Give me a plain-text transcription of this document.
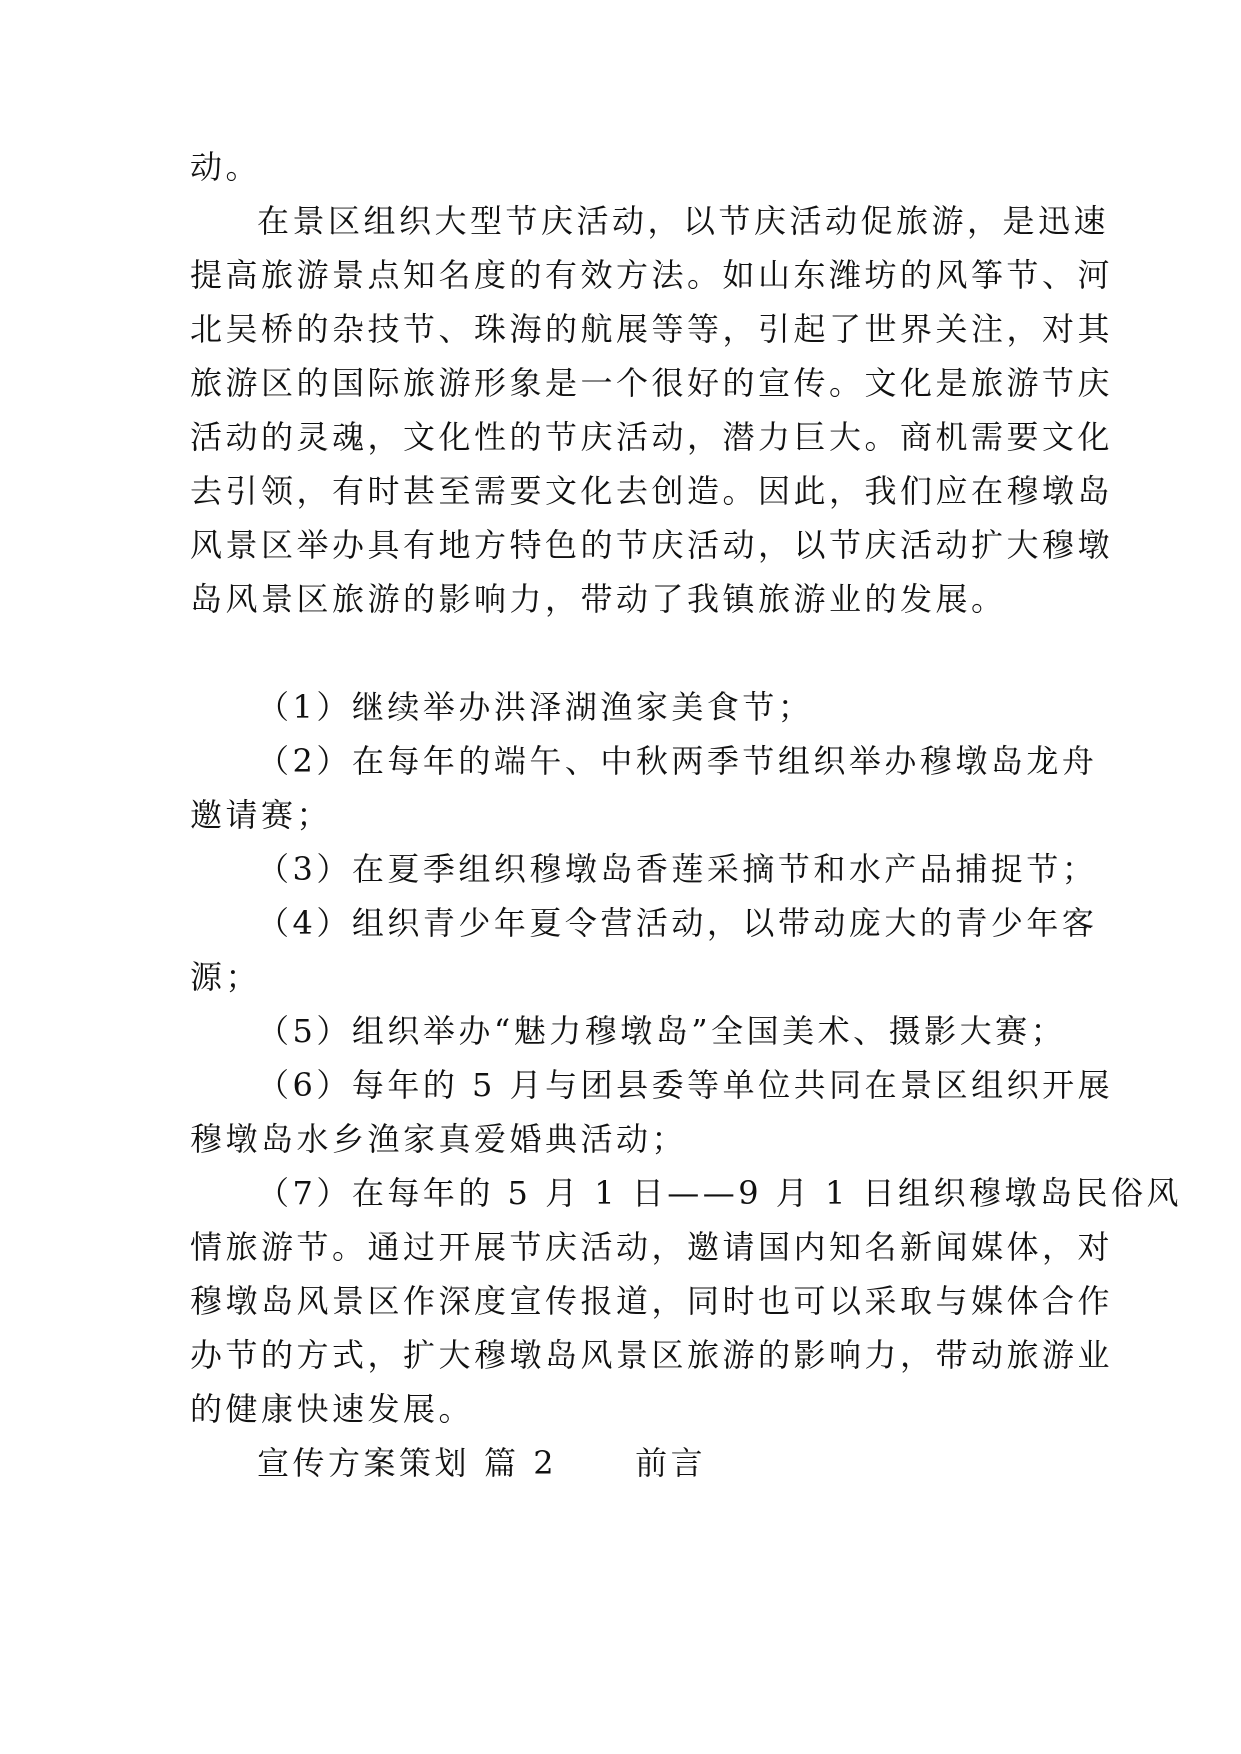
动。
在景区组织大型节庆活动，以节庆活动促旅游，是迅速
提高旅游景点知名度的有效方法。如山东潍坊的风筝节、河
北吴桥的杂技节、珠海的航展等等，引起了世界关注，对其
旅游区的国际旅游形象是一个很好的宣传。文化是旅游节庆
活动的灵魂，文化性的节庆活动，潜力巨大。商机需要文化
去引领，有时甚至需要文化去创造。因此，我们应在穆墩岛
风景区举办具有地方特色的节庆活动，以节庆活动扩大穆墩
岛风景区旅游的影响力，带动了我镇旅游业的发展。
（1）继续举办洪泽湖渔家美食节；
（2）在每年的端午、中秋两季节组织举办穆墩岛龙舟
邀请赛；
（3）在夏季组织穆墩岛香莲采摘节和水产品捕捉节；
（4）组织青少年夏令营活动，以带动庞大的青少年客
源；
（5）组织举办“魅力穆墩岛”全国美术、摄影大赛；
（6）每年的 5 月与团县委等单位共同在景区组织开展
穆墩岛水乡渔家真爱婚典活动；
（7）在每年的 5 月 1 日——9 月 1 日组织穆墩岛民俗风
情旅游节。通过开展节庆活动，邀请国内知名新闻媒体，对
穆墩岛风景区作深度宣传报道，同时也可以采取与媒体合作
办节的方式，扩大穆墩岛风景区旅游的影响力，带动旅游业
的健康快速发展。
宣传方案策划 篇 2 前言
